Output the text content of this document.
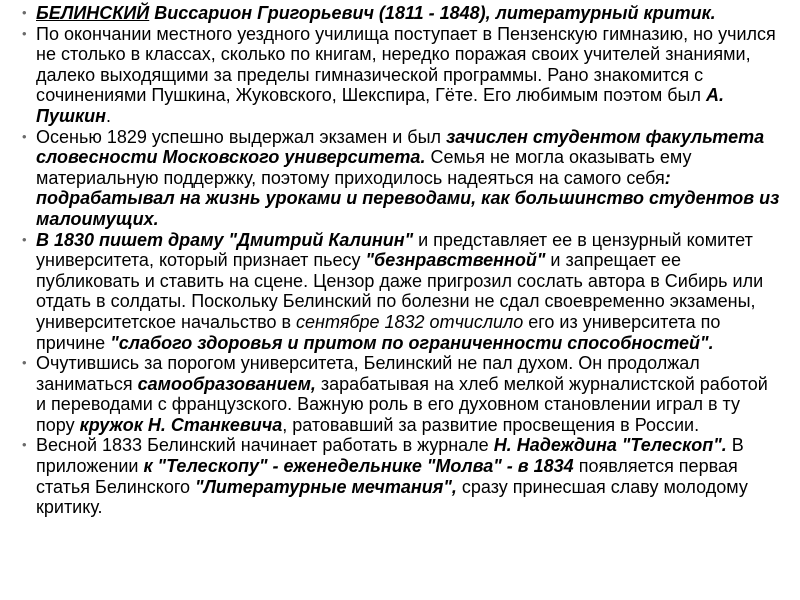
• БЕЛИНСКИЙ Виссарион Григорьевич (1811 - 1848), литературный критик.
• По окончании местного уездного училища поступает в Пензенскую гимназию, но учился не столько в классах, сколько по книгам, нередко поражая своих учителей знаниями, далеко выходящими за пределы гимназической программы. Рано знакомится с сочинениями Пушкина, Жуковского, Шекспира, Гёте. Его любимым поэтом был А. Пушкин.
• Осенью 1829 успешно выдержал экзамен и был зачислен студентом факультета словесности Московского университета. Семья не могла оказывать ему материальную поддержку, поэтому приходилось надеяться на самого себя: подрабатывал на жизнь уроками и переводами, как большинство студентов из малоимущих.
• В 1830 пишет драму "Дмитрий Калинин" и представляет ее в цензурный комитет университета, который признает пьесу "безнравственной" и запрещает ее публиковать и ставить на сцене. Цензор даже пригрозил сослать автора в Сибирь или отдать в солдаты. Поскольку Белинский по болезни не сдал своевременно экзамены, университетское начальство в сентябре 1832 отчислило его из университета по причине "слабого здоровья и притом по ограниченности способностей".
• Очутившись за порогом университета, Белинский не пал духом. Он продолжал заниматься самообразованием, зарабатывая на хлеб мелкой журналистской работой и переводами с французского. Важную роль в его духовном становлении играл в ту пору кружок Н. Станкевича, ратовавший за развитие просвещения в России.
• Весной 1833 Белинский начинает работать в журнале Н. Надеждина "Телескоп". В приложении к "Телескопу" - еженедельнике "Молва" - в 1834 появляется первая статья Белинского "Литературные мечтания", сразу принесшая славу молодому критику.
